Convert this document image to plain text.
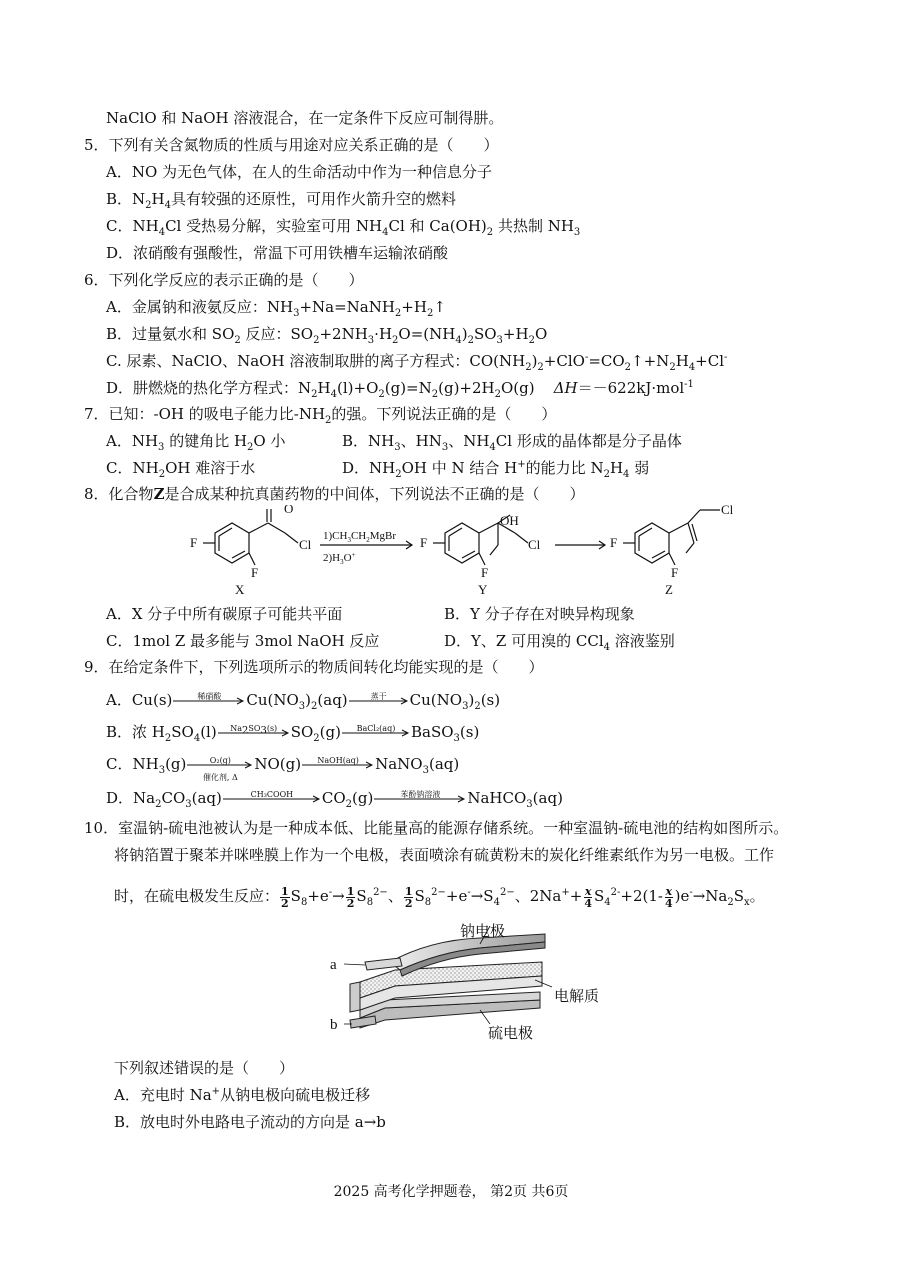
NaClO 和 NaOH 溶液混合，在一定条件下反应可制得肼。
5．下列有关含氮物质的性质与用途对应关系正确的是（　　）
A．NO 为无色气体，在人的生命活动中作为一种信息分子
B．$N_2H_4$具有较强的还原性，可用作火箭升空的燃料
C．$NH_4Cl$ 受热易分解，实验室可用 $NH_4Cl$ 和 $Ca(OH)_2$ 共热制 $NH_3$
D．浓硝酸有强酸性，常温下可用铁槽车运输浓硝酸
6．下列化学反应的表示正确的是（　　）
A．金属钠和液氨反应：$NH_3+Na=NaNH_2+H_2↑$
B．过量氨水和 $SO_2$ 反应：$SO_2+2NH_3\cdot H_2O=(NH_4)_2SO_3+H_2O$
C. 尿素、NaClO、NaOH 溶液制取肼的离子方程式：$CO(NH_2)_2+ClO^-=CO_2↑+N_2H_4+Cl^-$
D．肼燃烧的热化学方程式：$N_2H_4(l)+O_2(g)=N_2(g)+2H_2O(g)$    ΔH＝－622kJ·mol$^{-1}$
7．已知：-OH 的吸电子能力比$-NH_2$的强。下列说法正确的是（　　）
A．$NH_3$ 的键角比 $H_2O$ 小	B．$NH_3$、$HN_3$、$NH_4Cl$ 形成的晶体都是分子晶体
C．$NH_2OH$ 难溶于水	D．$NH_2OH$ 中 N 结合 H+的能力比 $N_2H_4$ 弱
8．化合物Z是合成某种抗真菌药物的中间体，下列说法不正确的是（　　）
F
O
Cl
F
X
F
OH
Cl
F
Y
F
Cl
F
Z
$1)CH_3CH_2MgBr$
$2)H_3O^+$
A．X 分子中所有碳原子可能共平面	B．Y 分子存在对映异构现象
C．1mol Z 最多能与 3mol NaOH 反应	D．Y、Z 可用溴的 CCl$_4$ 溶液鉴别
9．在给定条件下，下列选项所示的物质间转化均能实现的是（　　）
A．Cu(s)	稀硝酸	$Cu(NO_3)_2(aq)$	蒸干	$Cu(NO_3)_2(s)$
B．浓 $H_2SO_4(l)$	$Na_2SO_3(s)$ $SO_2(g)$	BaCl₂(aq)	BaSO$_3$(s)
C．$NH_3(g)$	O₂(g)
催化剂, Δ
NO(g)	NaOH(aq)	NaNO$_3$(aq)
D．$Na_2CO_3(aq)$	CH₃COOH	$CO_2(g)$	苯酚钠溶液	NaHCO$_3$(aq)
10．室温钠-硫电池被认为是一种成本低、比能量高的能源存储系统。一种室温钠-硫电池的结构如图所示。
将钠箔置于聚苯并咪唑膜上作为一个电极，表面喷涂有硫黄粉末的炭化纤维素纸作为另一电极。工作
时，在硫电极发生反应： $\frac{1}{2} S_8+e^-\to \frac{1}{2} S_8^{2-}$、 $\frac{1}{2} S_8^{2-}+e^-\to S_4^{2-}$、$2Na^++ \frac{x}{4} S_4^{2-}+2(1- \frac{x}{4} )e^-\to Na_2S_x$。
a
b
钠电极
电解质
硫电极
下列叙述错误的是（　　）
A．充电时 Na+从钠电极向硫电极迁移
B．放电时外电路电子流动的方向是 a→b
2025 高考化学押题卷， 第2页 共6页
